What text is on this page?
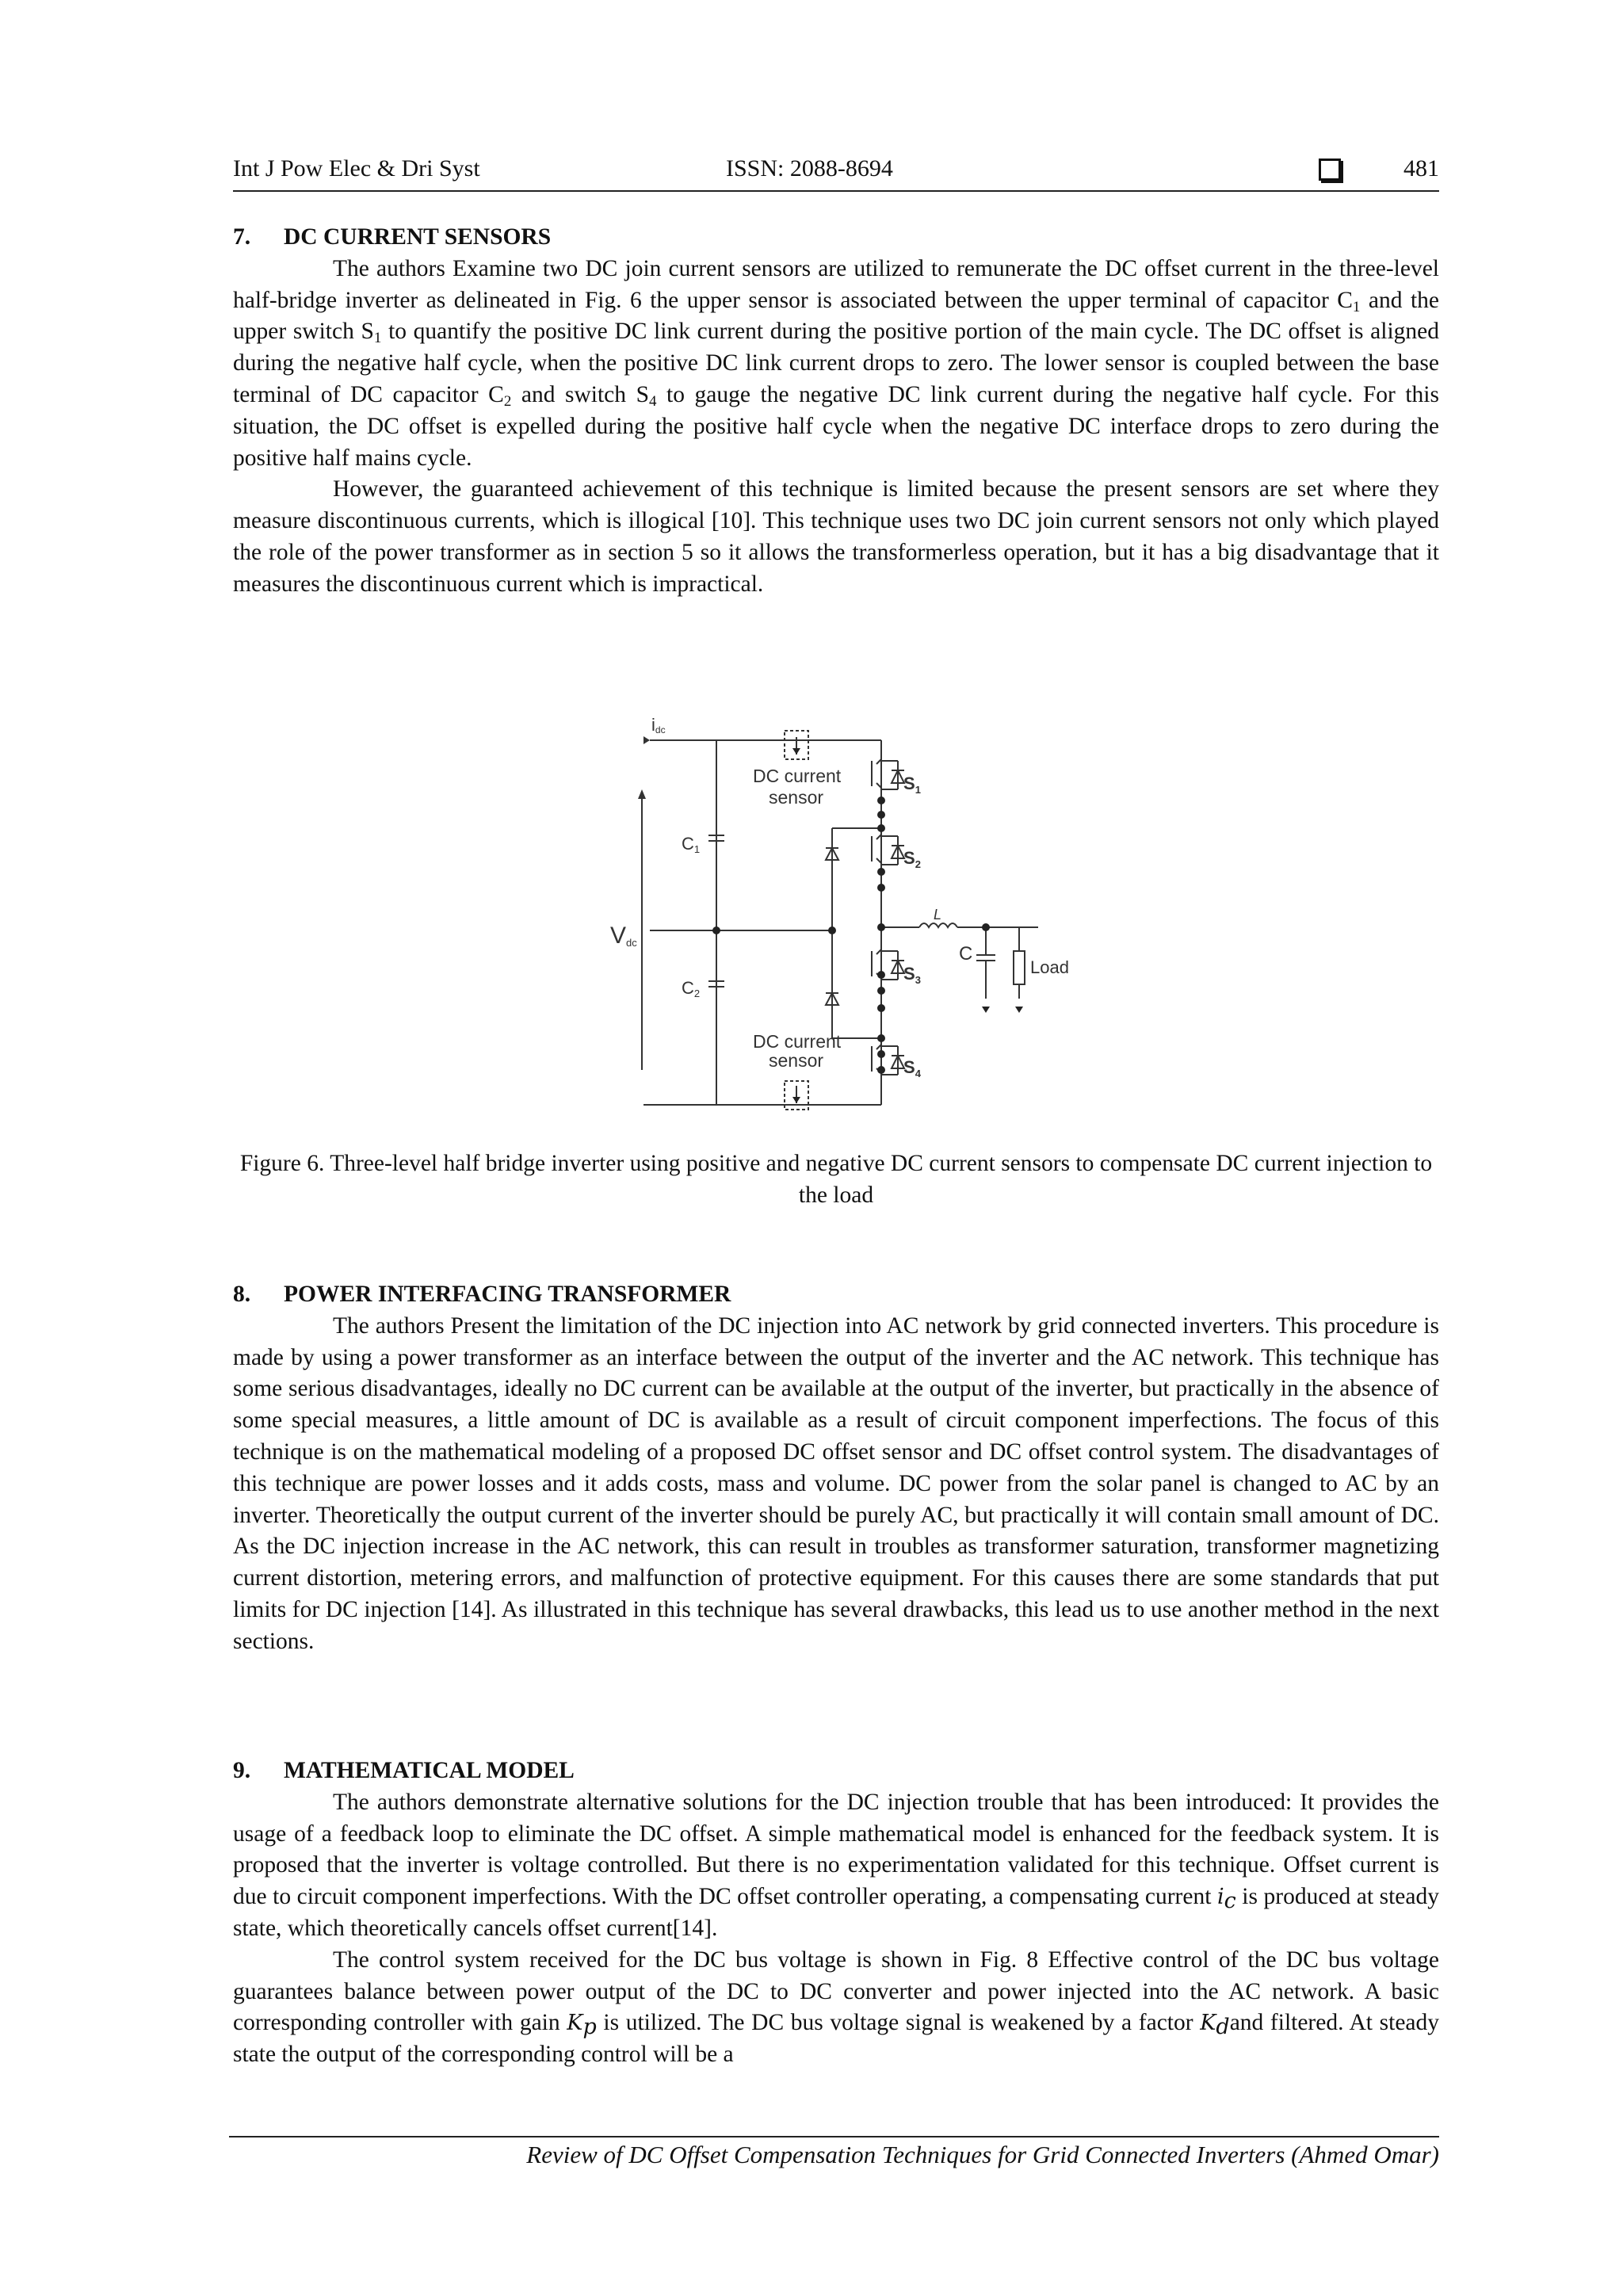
Int J Pow Elec & Dri Syst	ISSN: 2088-8694	481
7. DC CURRENT SENSORS

The authors Examine two DC join current sensors are utilized to remunerate the DC offset current in the three-level half-bridge inverter as delineated in Fig. 6 the upper sensor is associated between the upper terminal of capacitor $C_1$ and the upper switch $S_1$ to quantify the positive DC link current during the positive portion of the main cycle. The DC offset is aligned during the negative half cycle, when the positive DC link current drops to zero. The lower sensor is coupled between the base terminal of DC capacitor $C_2$ and switch $S_4$ to gauge the negative DC link current during the negative half cycle. For this situation, the DC offset is expelled during the positive half cycle when the negative DC interface drops to zero during the positive half mains cycle.

However, the guaranteed achievement of this technique is limited because the present sensors are set where they measure discontinuous currents, which is illogical [10]. This technique uses two DC join current sensors not only which played the role of the power transformer as in section 5 so it allows the transformerless operation, but it has a big disadvantage that it measures the discontinuous current which is impractical.

idc
Vdc
C1
C2
$S_1$
$S_2$
$S_3$
$S_4$
DC current
sensor
DC current
sensor
L
C
Load
Figure 6. Three-level half bridge inverter using positive and negative DC current sensors to compensate DC current injection to the load
8. POWER INTERFACING TRANSFORMER

The authors Present the limitation of the DC injection into AC network by grid connected inverters. This procedure is made by using a power transformer as an interface between the output of the inverter and the AC network. This technique has some serious disadvantages, ideally no DC current can be available at the output of the inverter, but practically in the absence of some special measures, a little amount of DC is available as a result of circuit component imperfections. The focus of this technique is on the mathematical modeling of a proposed DC offset sensor and DC offset control system. The disadvantages of this technique are power losses and it adds costs, mass and volume. DC power from the solar panel is changed to AC by an inverter. Theoretically the output current of the inverter should be purely AC, but practically it will contain small amount of DC. As the DC injection increase in the AC network, this can result in troubles as transformer saturation, transformer magnetizing current distortion, metering errors, and malfunction of protective equipment. For this causes there are some standards that put limits for DC injection [14]. As illustrated in this technique has several drawbacks, this lead us to use another method in the next sections.

9. MATHEMATICAL MODEL

The authors demonstrate alternative solutions for the DC injection trouble that has been introduced: It provides the usage of a feedback loop to eliminate the DC offset. A simple mathematical model is enhanced for the feedback system. It is proposed that the inverter is voltage controlled. But there is no experimentation validated for this technique. Offset current is due to circuit component imperfections. With the DC offset controller operating, a compensating current $i_c$ is produced at steady state, which theoretically cancels offset current[14].

The control system received for the DC bus voltage is shown in Fig. 8 Effective control of the DC bus voltage guarantees balance between power output of the DC to DC converter and power injected into the AC network. A basic corresponding controller with gain $K_p$ is utilized. The DC bus voltage signal is weakened by a factor $K_dand$ filtered. At steady state the output of the corresponding control will be a

Review of DC Offset Compensation Techniques for Grid Connected Inverters (Ahmed Omar)
